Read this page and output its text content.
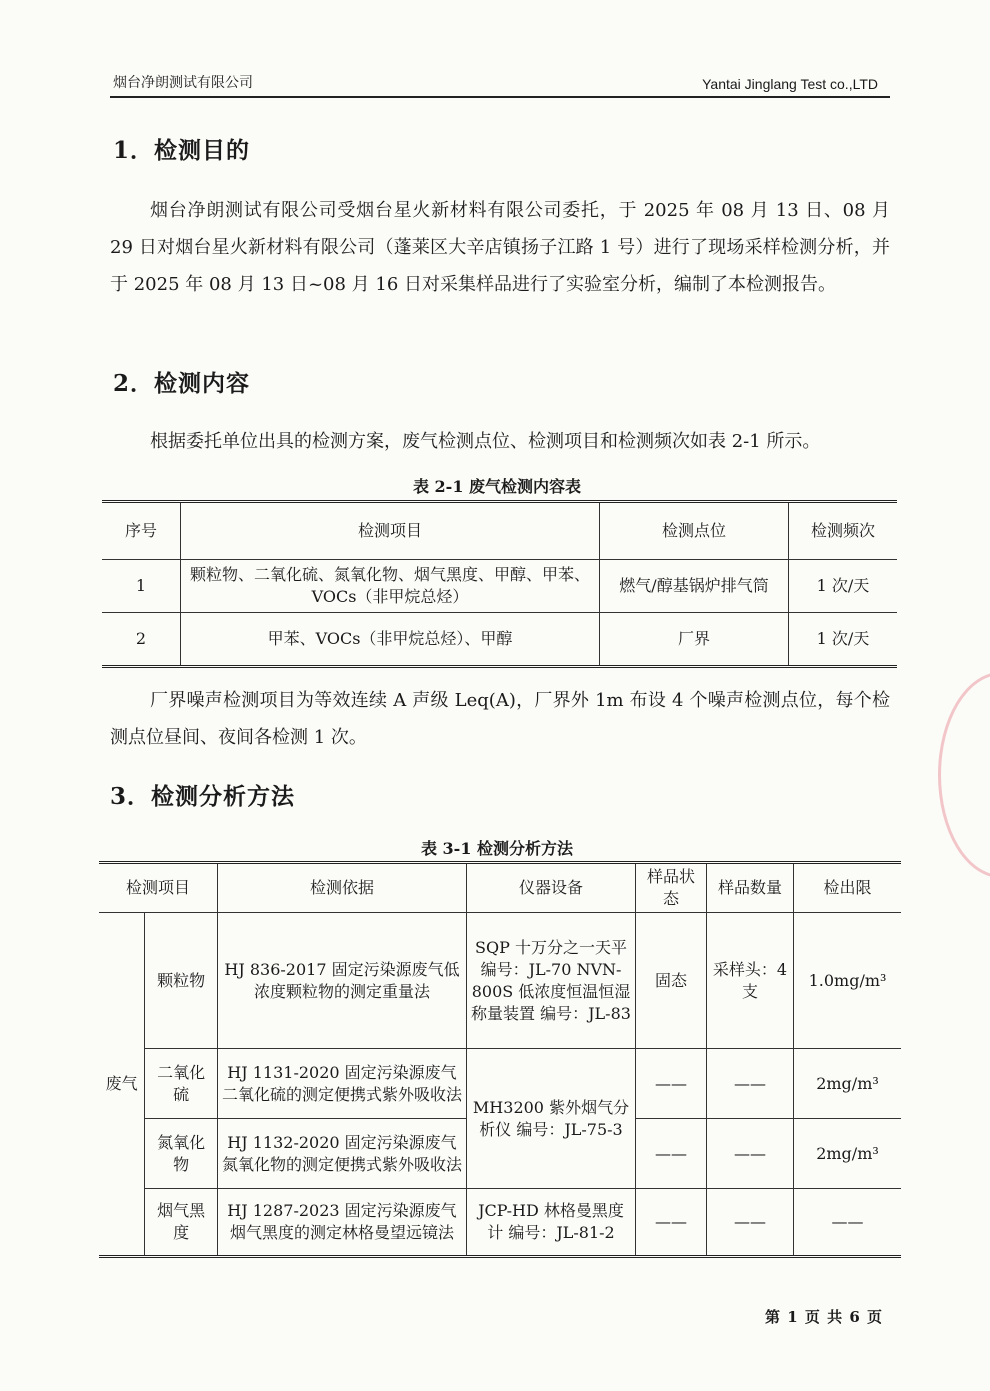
烟台净朗测试有限公司	Yantai Jinglang Test co.,LTD
1．检测目的
烟台净朗测试有限公司受烟台星火新材料有限公司委托，于 2025 年 08 月 13 日、08 月 29 日对烟台星火新材料有限公司（蓬莱区大辛店镇扬子江路 1 号）进行了现场采样检测分析，并于 2025 年 08 月 13 日~08 月 16 日对采集样品进行了实验室分析，编制了本检测报告。
2．检测内容
根据委托单位出具的检测方案，废气检测点位、检测项目和检测频次如表 2-1 所示。
表 2-1 废气检测内容表
序号	检测项目	检测点位	检测频次
1	颗粒物、二氧化硫、氮氧化物、烟气黑度、甲醇、甲苯、VOCs（非甲烷总烃）	燃气/醇基锅炉排气筒	1 次/天
2	甲苯、VOCs（非甲烷总烃）、甲醇	厂界	1 次/天
厂界噪声检测项目为等效连续 A 声级 Leq(A)，厂界外 1m 布设 4 个噪声检测点位，每个检测点位昼间、夜间各检测 1 次。
3．检测分析方法
表 3-1 检测分析方法
检测项目		检测依据	仪器设备	样品状态	样品数量	检出限
废气	颗粒物	HJ 836-2017 固定污染源废气低浓度颗粒物的测定重量法	SQP 十万分之一天平 编号：JL-70 NVN-800S 低浓度恒温恒湿称量装置 编号：JL-83	固态	采样头：4 支	1.0mg/m³
	二氧化硫	HJ 1131-2020 固定污染源废气二氧化硫的测定便携式紫外吸收法	MH3200 紫外烟气分析仪 编号：JL-75-3	——	——	2mg/m³
	氮氧化物	HJ 1132-2020 固定污染源废气氮氧化物的测定便携式紫外吸收法		——	——	2mg/m³
	烟气黑度	HJ 1287-2023 固定污染源废气烟气黑度的测定林格曼望远镜法	JCP-HD 林格曼黑度计 编号：JL-81-2	——	——	——
第 1 页 共 6 页
